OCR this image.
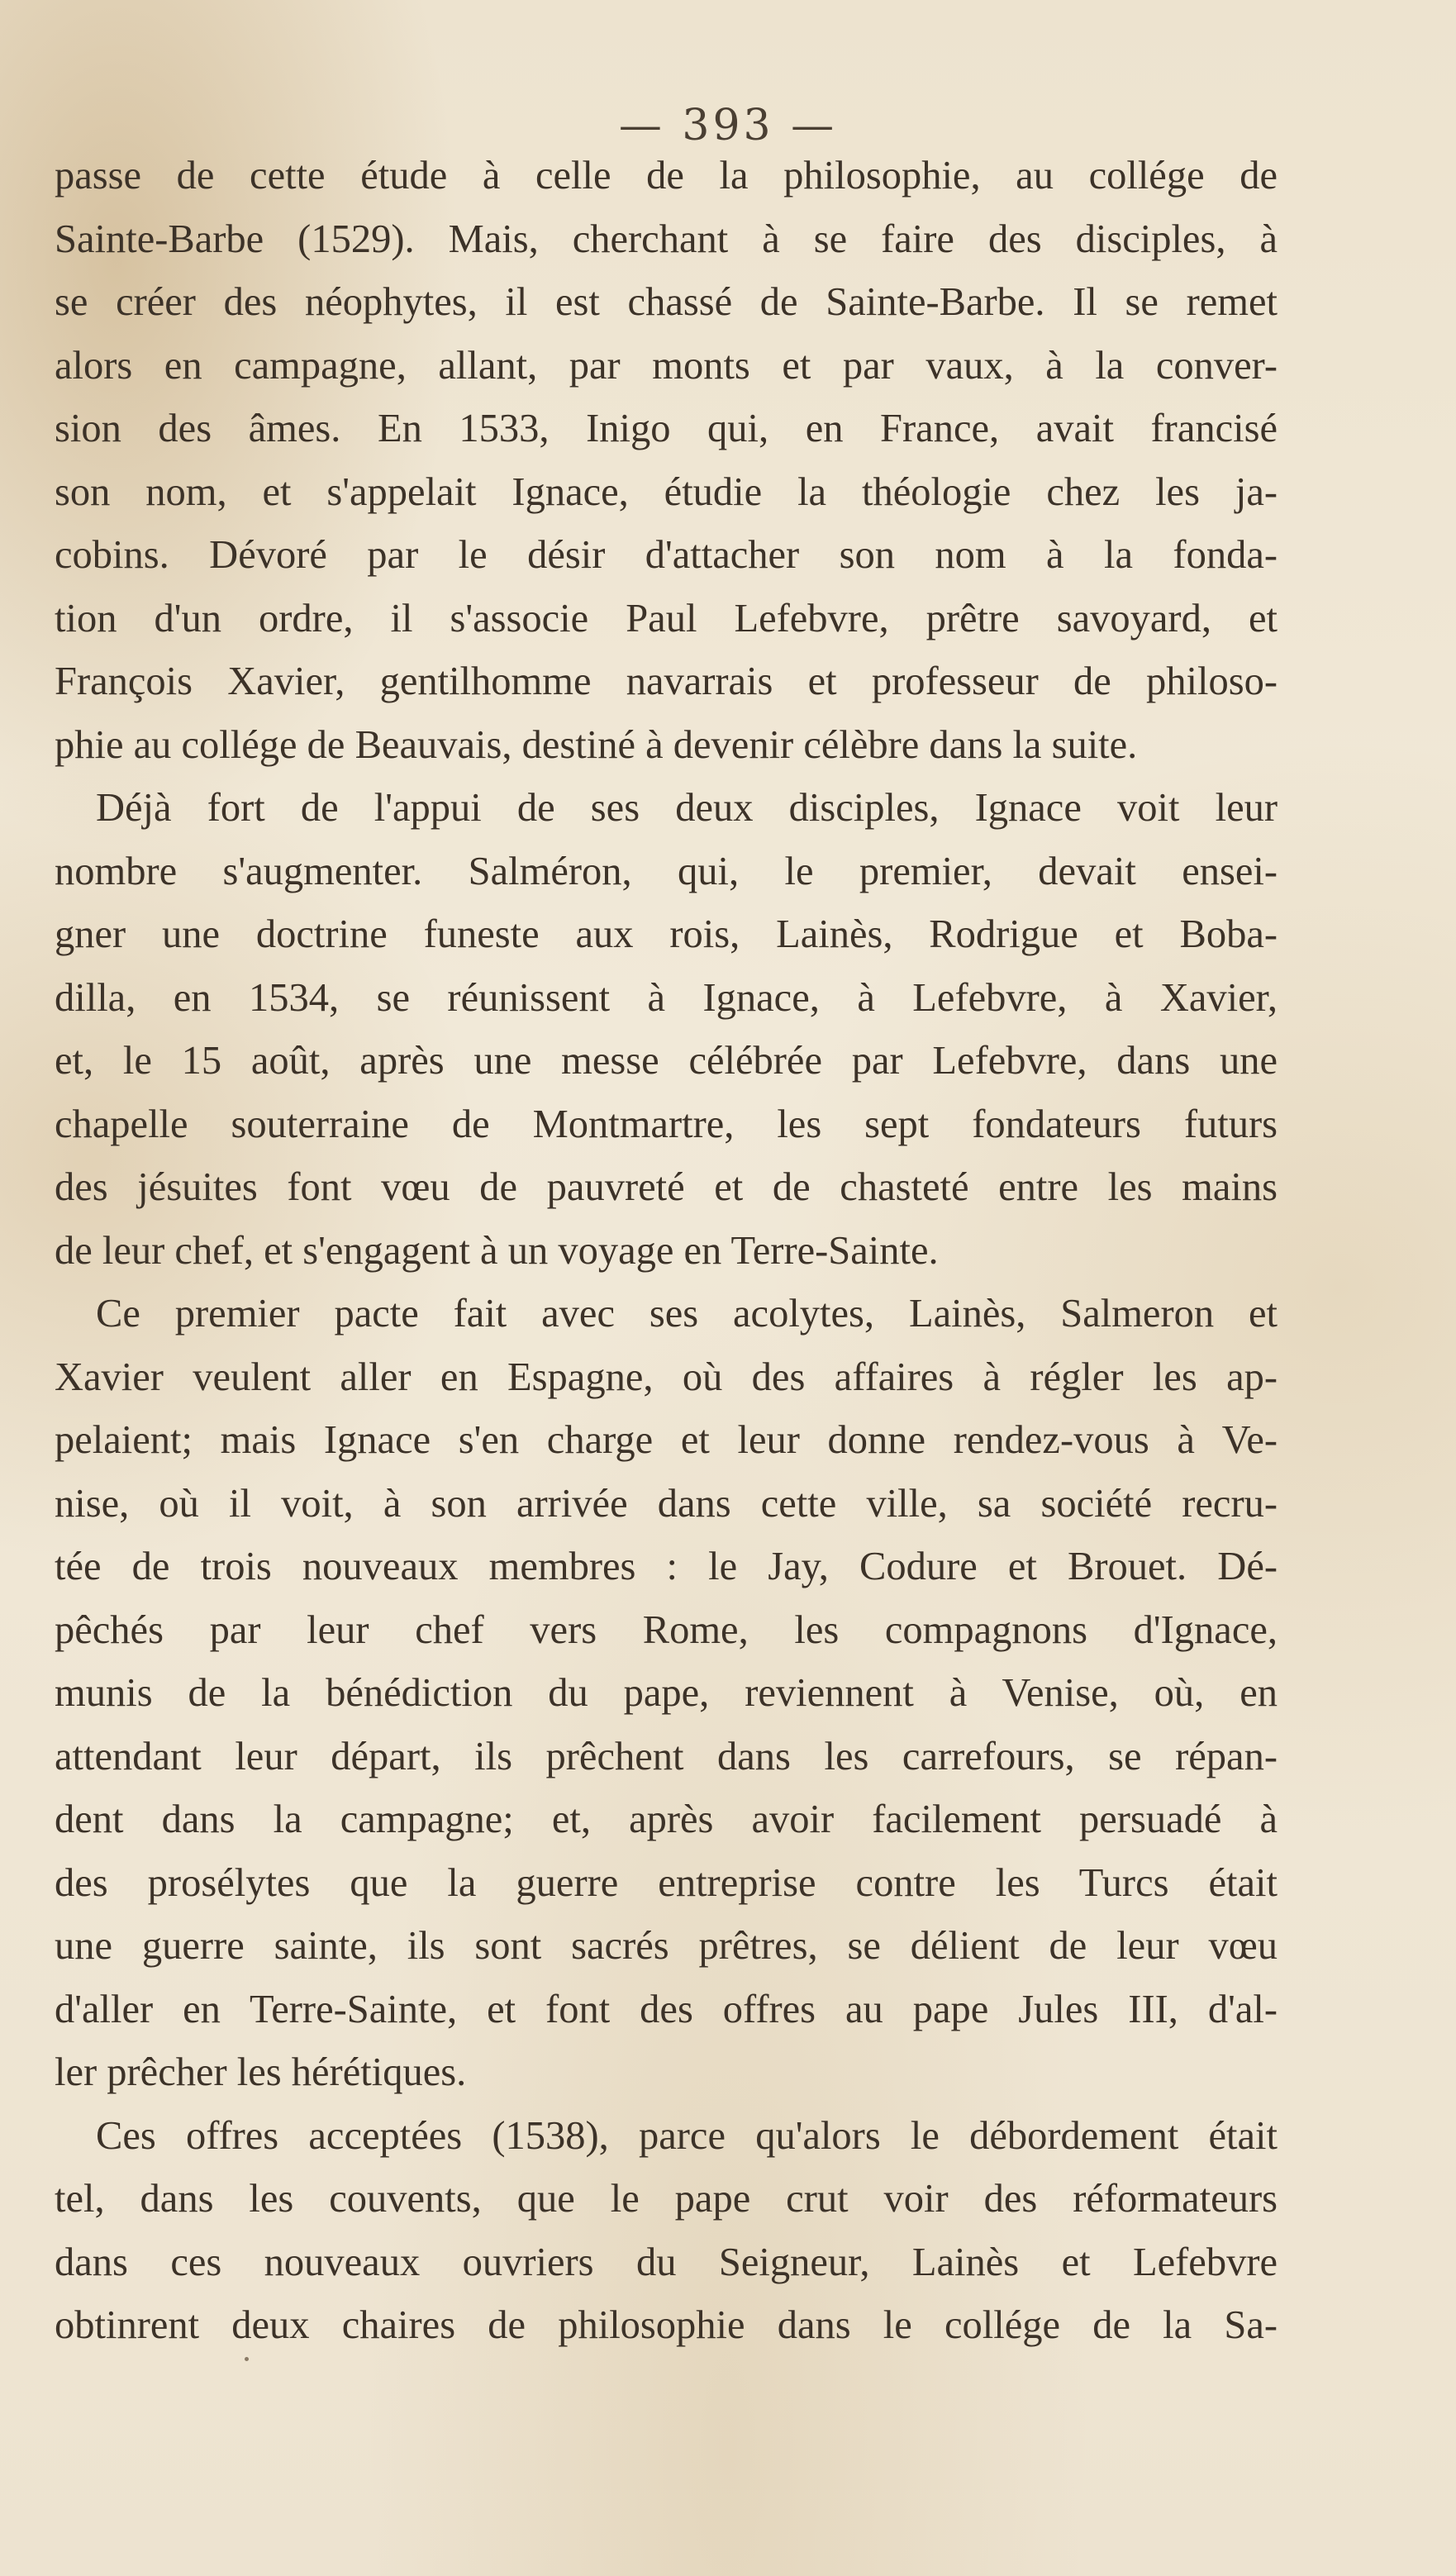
— 393 —
passe de cette étude à celle de la philosophie, au collége de
Sainte-Barbe (1529). Mais, cherchant à se faire des disciples, à
se créer des néophytes, il est chassé de Sainte-Barbe. Il se remet
alors en campagne, allant, par monts et par vaux, à la conver-
sion des âmes. En 1533, Inigo qui, en France, avait francisé
son nom, et s'appelait Ignace, étudie la théologie chez les ja-
cobins. Dévoré par le désir d'attacher son nom à la fonda-
tion d'un ordre, il s'associe Paul Lefebvre, prêtre savoyard, et
François Xavier, gentilhomme navarrais et professeur de philoso-
phie au collége de Beauvais, destiné à devenir célèbre dans la suite.
Déjà fort de l'appui de ses deux disciples, Ignace voit leur
nombre s'augmenter. Salméron, qui, le premier, devait ensei-
gner une doctrine funeste aux rois, Lainès, Rodrigue et Boba-
dilla, en 1534, se réunissent à Ignace, à Lefebvre, à Xavier,
et, le 15 août, après une messe célébrée par Lefebvre, dans une
chapelle souterraine de Montmartre, les sept fondateurs futurs
des jésuites font vœu de pauvreté et de chasteté entre les mains
de leur chef, et s'engagent à un voyage en Terre-Sainte.
Ce premier pacte fait avec ses acolytes, Lainès, Salmeron et
Xavier veulent aller en Espagne, où des affaires à régler les ap-
pelaient; mais Ignace s'en charge et leur donne rendez-vous à Ve-
nise, où il voit, à son arrivée dans cette ville, sa société recru-
tée de trois nouveaux membres : le Jay, Codure et Brouet. Dé-
pêchés par leur chef vers Rome, les compagnons d'Ignace,
munis de la bénédiction du pape, reviennent à Venise, où, en
attendant leur départ, ils prêchent dans les carrefours, se répan-
dent dans la campagne; et, après avoir facilement persuadé à
des prosélytes que la guerre entreprise contre les Turcs était
une guerre sainte, ils sont sacrés prêtres, se délient de leur vœu
d'aller en Terre-Sainte, et font des offres au pape Jules III, d'al-
ler prêcher les hérétiques.
Ces offres acceptées (1538), parce qu'alors le débordement était
tel, dans les couvents, que le pape crut voir des réformateurs
dans ces nouveaux ouvriers du Seigneur, Lainès et Lefebvre
obtinrent deux chaires de philosophie dans le collége de la Sa-
